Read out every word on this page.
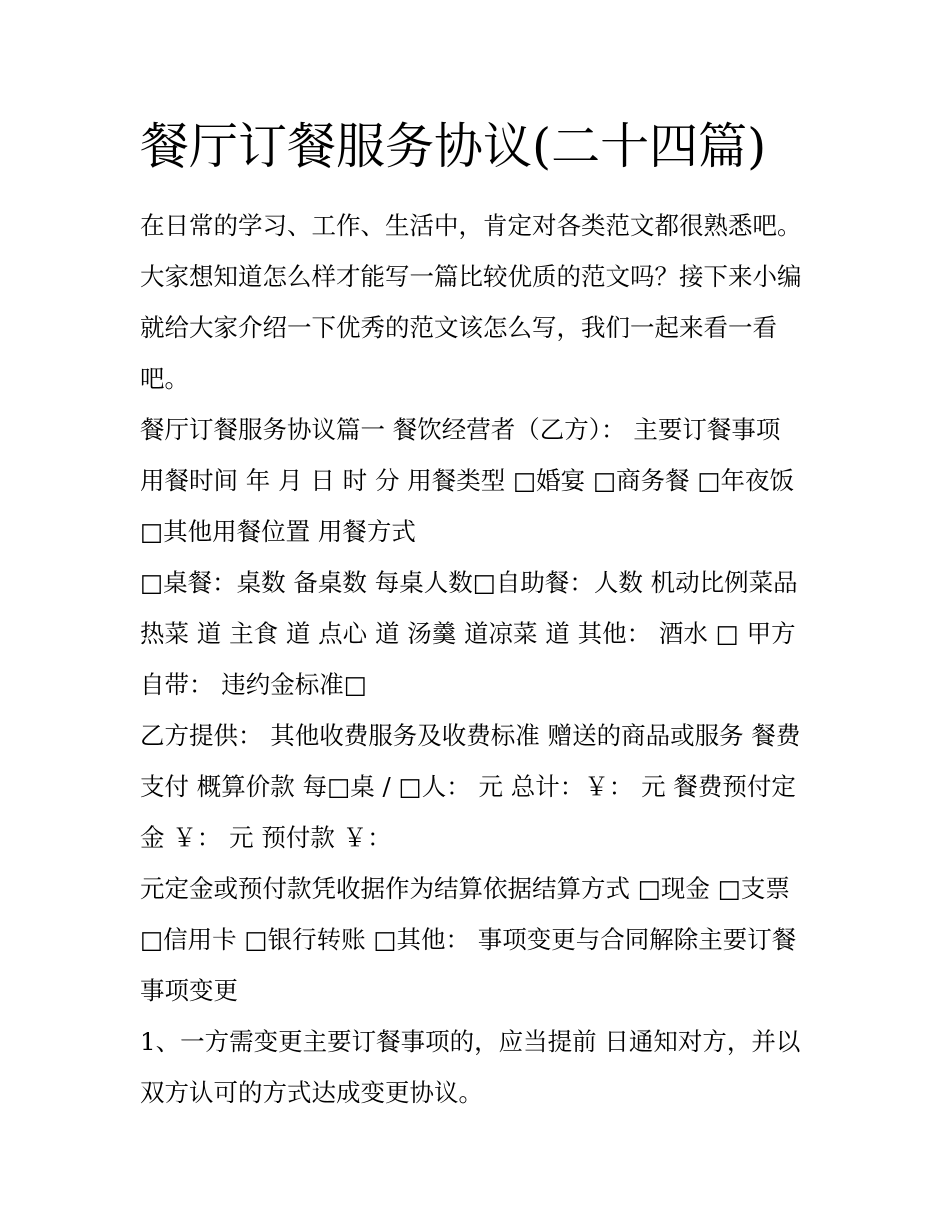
餐厅订餐服务协议(二十四篇)

在日常的学习、工作、生活中，肯定对各类范文都很熟悉吧。大家想知道怎么样才能写一篇比较优质的范文吗？接下来小编就给大家介绍一下优秀的范文该怎么写，我们一起来看一看吧。

餐厅订餐服务协议篇一 餐饮经营者（乙方）： 主要订餐事项 用餐时间 年 月 日 时 分 用餐类型 □婚宴 □商务餐 □年夜饭 □其他用餐位置 用餐方式

□桌餐：桌数 备桌数 每桌人数□自助餐：人数 机动比例菜品 热菜 道 主食 道 点心 道 汤羹 道凉菜 道 其他： 酒水 □ 甲方自带： 违约金标准□

乙方提供： 其他收费服务及收费标准 赠送的商品或服务 餐费支付 概算价款 每□桌 / □人： 元 总计：￥： 元 餐费预付定金 ￥： 元 预付款 ￥：

元定金或预付款凭收据作为结算依据结算方式 □现金 □支票 □信用卡 □银行转账 □其他： 事项变更与合同解除主要订餐事项变更

1、一方需变更主要订餐事项的，应当提前 日通知对方，并以双方认可的方式达成变更协议。
